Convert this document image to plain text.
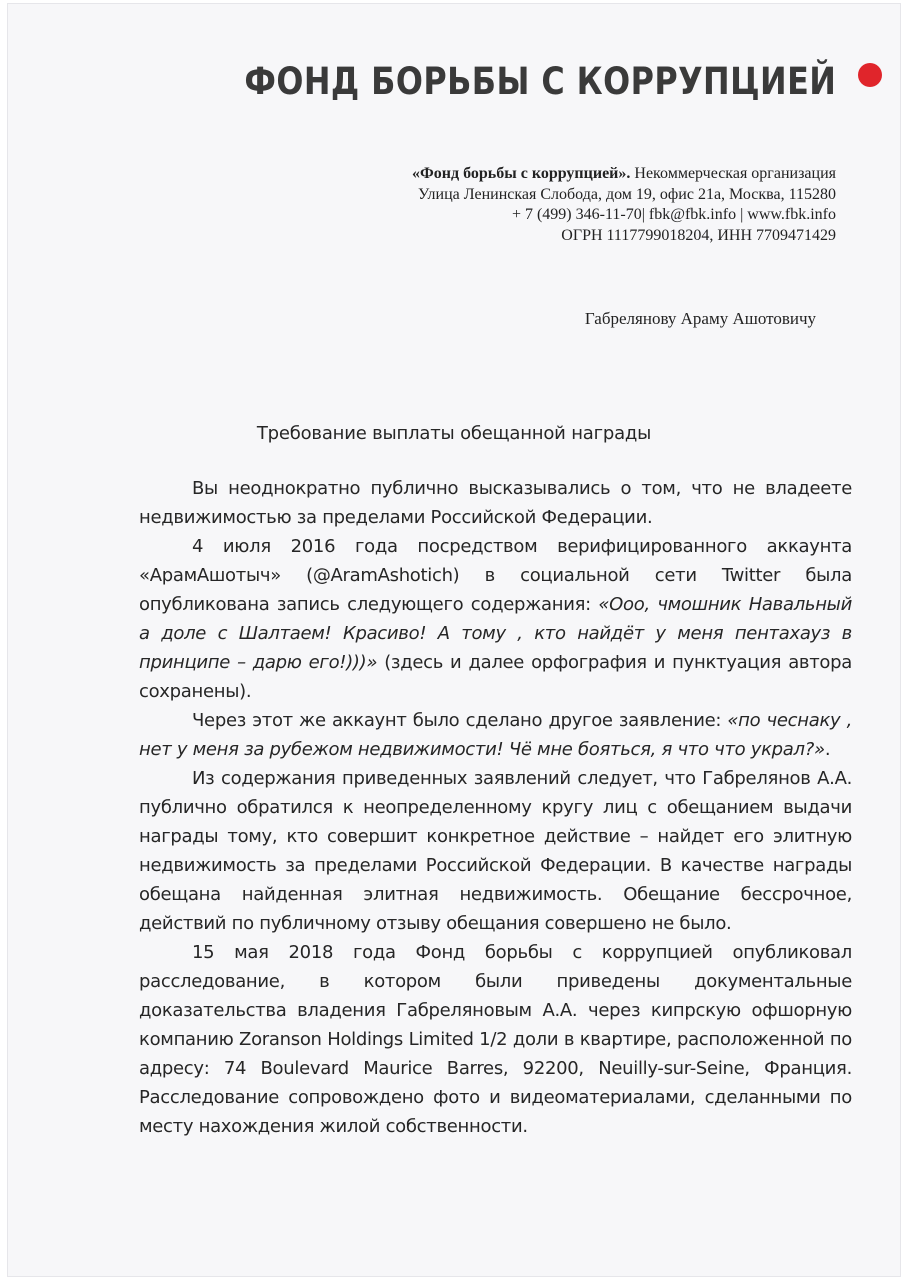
ФОНД БОРЬБЫ С КОРРУПЦИЕЙ
«Фонд борьбы с коррупцией». Некоммерческая организация
Улица Ленинская Слобода, дом 19, офис 21а, Москва, 115280
+ 7 (499) 346-11-70| fbk@fbk.info | www.fbk.info
ОГРН 1117799018204, ИНН 7709471429
Габрелянову Араму Ашотовичу
Требование выплаты обещанной награды

Вы неоднократно публично высказывались о том, что не владеете недвижимостью за пределами Российской Федерации.

4 июля 2016 года посредством верифицированного аккаунта «АрамАшотыч» (@AramAshotich) в социальной сети Twitter была опубликована запись следующего содержания: «Ооо, чмошник Навальный а доле с Шалтаем! Красиво! А тому , кто найдёт у меня пентахауз в принципе – дарю его!)))» (здесь и далее орфография и пунктуация автора сохранены).

Через этот же аккаунт было сделано другое заявление: «по чеснаку , нет у меня за рубежом недвижимости! Чё мне бояться, я что что украл?».

Из содержания приведенных заявлений следует, что Габрелянов А.А. публично обратился к неопределенному кругу лиц с обещанием выдачи награды тому, кто совершит конкретное действие – найдет его элитную недвижимость за пределами Российской Федерации. В качестве награды обещана найденная элитная недвижимость. Обещание бессрочное, действий по публичному отзыву обещания совершено не было.

15 мая 2018 года Фонд борьбы с коррупцией опубликовал расследование, в котором были приведены документальные доказательства владения Габреляновым А.А. через кипрскую офшорную компанию Zoranson Holdings Limited 1/2 доли в квартире, расположенной по адресу: 74 Boulevard Maurice Barres, 92200, Neuilly-sur-Seine, Франция. Расследование сопровождено фото и видеоматериалами, сделанными по месту нахождения жилой собственности.
